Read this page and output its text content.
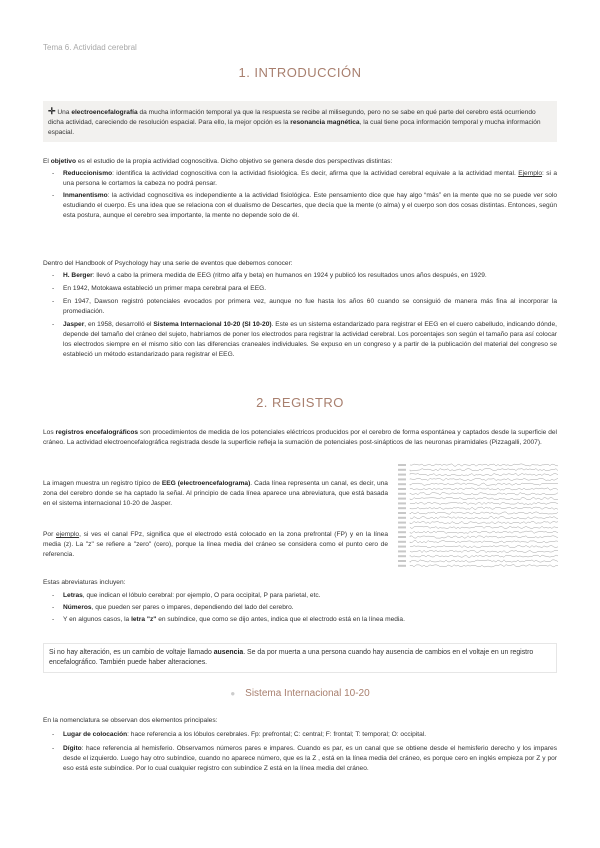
Tema 6. Actividad cerebral
1. INTRODUCCIÓN
✛ Una electroencefalografía da mucha información temporal ya que la respuesta se recibe al milisegundo, pero no se sabe en qué parte del cerebro está ocurriendo dicha actividad, careciendo de resolución espacial. Para ello, la mejor opción es la resonancia magnética, la cual tiene poca información temporal y mucha información espacial.
El objetivo es el estudio de la propia actividad cognoscitiva. Dicho objetivo se genera desde dos perspectivas distintas:
-	Reduccionismo: identifica la actividad cognoscitiva con la actividad fisiológica. Es decir, afirma que la actividad cerebral equivale a la actividad mental. Ejemplo: si a una persona le cortamos la cabeza no podrá pensar.
-	Inmanentismo: la actividad cognoscitiva es independiente a la actividad fisiológica. Este pensamiento dice que hay algo “más” en la mente que no se puede ver solo estudiando el cuerpo. Es una idea que se relaciona con el dualismo de Descartes, que decía que la mente (o alma) y el cuerpo son dos cosas distintas. Entonces, según esta postura, aunque el cerebro sea importante, la mente no depende solo de él.
Dentro del Handbook of Psychology hay una serie de eventos que debemos conocer:
-	H. Berger: llevó a cabo la primera medida de EEG (ritmo alfa y beta) en humanos en 1924 y publicó los resultados unos años después, en 1929.
-	En 1942, Motokawa estableció un primer mapa cerebral para el EEG.
-	En 1947, Dawson registró potenciales evocados por primera vez, aunque no fue hasta los años 60 cuando se consiguió de manera más fina al incorporar la promediación.
-	Jasper, en 1958, desarrolló el Sistema Internacional 10-20 (SI 10-20). Este es un sistema estandarizado para registrar el EEG en el cuero cabelludo, indicando dónde, depende del tamaño del cráneo del sujeto, habríamos de poner los electrodos para registrar la actividad cerebral. Los porcentajes son según el tamaño para así colocar los electrodos siempre en el mismo sitio con las diferencias craneales individuales. Se expuso en un congreso y a partir de la publicación del material del congreso se estableció un método estandarizado para registrar el EEG.
2. REGISTRO
Los registros encefalográficos son procedimientos de medida de los potenciales eléctricos producidos por el cerebro de forma espontánea y captados desde la superficie del cráneo. La actividad electroencefalográfica registrada desde la superficie refleja la sumación de potenciales post-sinápticos de las neuronas piramidales (Pizzagalli, 2007).
La imagen muestra un registro típico de EEG (electroencefalograma). Cada línea representa un canal, es decir, una zona del cerebro donde se ha captado la señal. Al principio de cada línea aparece una abreviatura, que está basada en el sistema internacional 10-20 de Jasper.
Por ejemplo, si ves el canal FPz, significa que el electrodo está colocado en la zona prefrontal (FP) y en la línea media (z). La "z" se refiere a "zero" (cero), porque la línea media del cráneo se considera como el punto cero de referencia.
Estas abreviaturas incluyen:
-	Letras, que indican el lóbulo cerebral: por ejemplo, O para occipital, P para parietal, etc.
-	Números, que pueden ser pares o impares, dependiendo del lado del cerebro.
-	Y en algunos casos, la letra "z" en subíndice, que como se dijo antes, indica que el electrodo está en la línea media.
Si no hay alteración, es un cambio de voltaje llamado ausencia. Se da por muerta a una persona cuando hay ausencia de cambios en el voltaje en un registro encefalográfico. También puede haber alteraciones.
● Sistema Internacional 10-20
En la nomenclatura se observan dos elementos principales:
-	Lugar de colocación: hace referencia a los lóbulos cerebrales. Fp: prefrontal; C: central; F: frontal; T: temporal; O: occipital.
-	Dígito: hace referencia al hemisferio. Observamos números pares e impares. Cuando es par, es un canal que se obtiene desde el hemisferio derecho y los impares desde el izquierdo. Luego hay otro subíndice, cuando no aparece número, que es la Z , está en la línea media del cráneo, es porque cero en inglés empieza por Z y por eso está este subíndice. Por lo cual cualquier registro con subíndice Z está en la línea media del cráneo.
